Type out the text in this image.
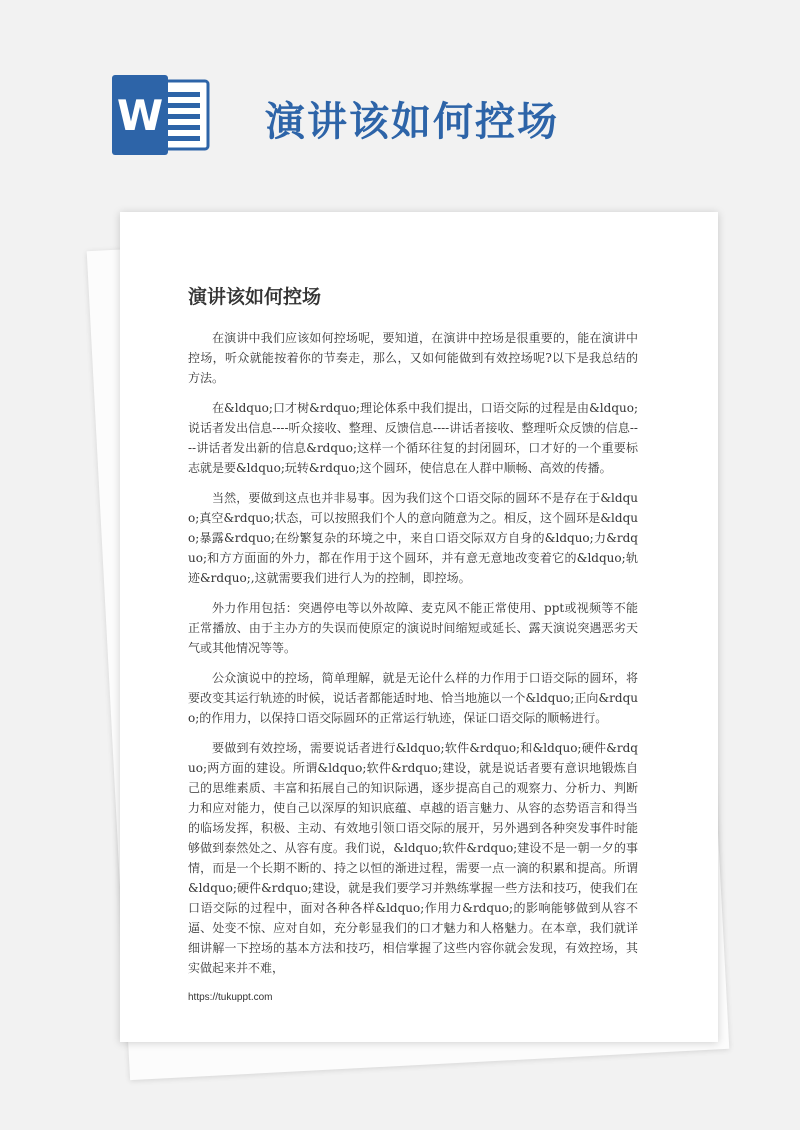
W	演讲该如何控场
演讲该如何控场

在演讲中我们应该如何控场呢，要知道，在演讲中控场是很重要的，能在演讲中控场，听众就能按着你的节奏走，那么，又如何能做到有效控场呢?以下是我总结的方法。

在&ldquo;口才树&rdquo;理论体系中我们提出，口语交际的过程是由&ldquo;说话者发出信息----听众接收、整理、反馈信息----讲话者接收、整理听众反馈的信息----讲话者发出新的信息&rdquo;这样一个循环往复的封闭圆环，口才好的一个重要标志就是要&ldquo;玩转&rdquo;这个圆环，使信息在人群中顺畅、高效的传播。

当然，要做到这点也并非易事。因为我们这个口语交际的圆环不是存在于&ldquo;真空&rdquo;状态，可以按照我们个人的意向随意为之。相反，这个圆环是&ldquo;暴露&rdquo;在纷繁复杂的环境之中，来自口语交际双方自身的&ldquo;力&rdquo;和方方面面的外力，都在作用于这个圆环，并有意无意地改变着它的&ldquo;轨迹&rdquo;,这就需要我们进行人为的控制，即控场。

外力作用包括：突遇停电等以外故障、麦克风不能正常使用、ppt或视频等不能正常播放、由于主办方的失误而使原定的演说时间缩短或延长、露天演说突遇恶劣天气或其他情况等等。

公众演说中的控场，简单理解，就是无论什么样的力作用于口语交际的圆环，将要改变其运行轨迹的时候，说话者都能适时地、恰当地施以一个&ldquo;正向&rdquo;的作用力，以保持口语交际圆环的正常运行轨迹，保证口语交际的顺畅进行。

要做到有效控场，需要说话者进行&ldquo;软件&rdquo;和&ldquo;硬件&rdquo;两方面的建设。所谓&ldquo;软件&rdquo;建设，就是说话者要有意识地锻炼自己的思维素质、丰富和拓展自己的知识际遇，逐步提高自己的观察力、分析力、判断力和应对能力，使自己以深厚的知识底蕴、卓越的语言魅力、从容的态势语言和得当的临场发挥，积极、主动、有效地引领口语交际的展开，另外遇到各种突发事件时能够做到泰然处之、从容有度。我们说，&ldquo;软件&rdquo;建设不是一朝一夕的事情，而是一个长期不断的、持之以恒的渐进过程，需要一点一滴的积累和提高。所谓&ldquo;硬件&rdquo;建设，就是我们要学习并熟练掌握一些方法和技巧，使我们在口语交际的过程中，面对各种各样&ldquo;作用力&rdquo;的影响能够做到从容不逼、处变不惊、应对自如，充分彰显我们的口才魅力和人格魅力。在本章，我们就详细讲解一下控场的基本方法和技巧，相信掌握了这些内容你就会发现，有效控场，其实做起来并不难，

https://tukuppt.com
